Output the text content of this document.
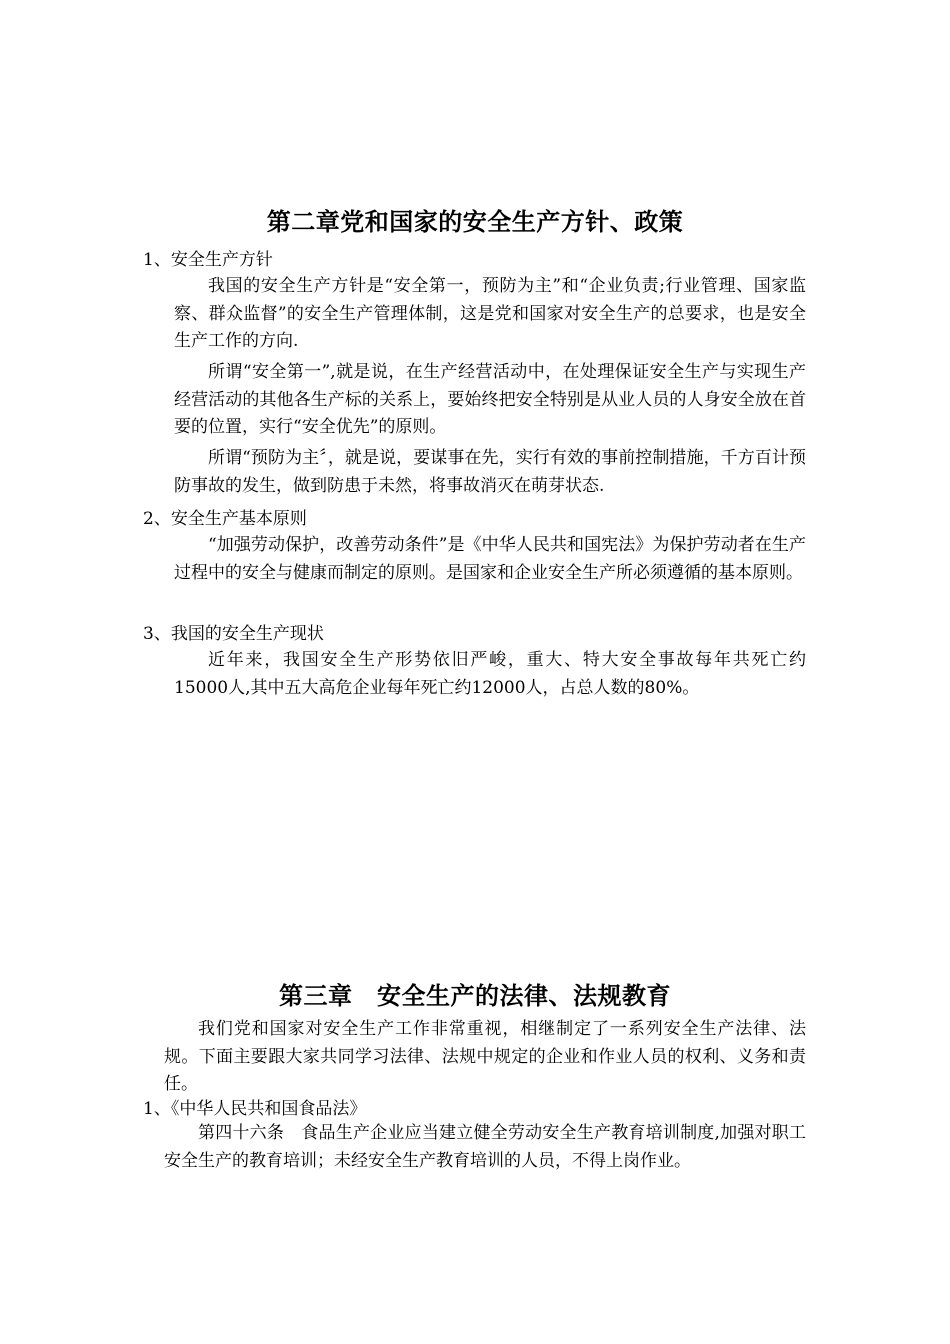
第二章党和国家的安全生产方针、政策
1、安全生产方针
我国的安全生产方针是“安全第一，预防为主”和“企业负责;行业管理、国家监察、群众监督”的安全生产管理体制，这是党和国家对安全生产的总要求，也是安全生产工作的方向.
所谓“安全第一”,就是说，在生产经营活动中，在处理保证安全生产与实现生产经营活动的其他各生产标的关系上，要始终把安全特别是从业人员的人身安全放在首要的位置，实行“安全优先”的原则。
所谓“预防为主〞，就是说，要谋事在先，实行有效的事前控制措施，千方百计预防事故的发生，做到防患于未然，将事故消灭在萌芽状态.
2、安全生产基本原则
“加强劳动保护，改善劳动条件”是《中华人民共和国宪法》为保护劳动者在生产过程中的安全与健康而制定的原则。是国家和企业安全生产所必须遵循的基本原则。
3、我国的安全生产现状
近年来，我国安全生产形势依旧严峻，重大、特大安全事故每年共死亡约15000人,其中五大高危企业每年死亡约12000人，占总人数的80%。
第三章　安全生产的法律、法规教育
我们党和国家对安全生产工作非常重视，相继制定了一系列安全生产法律、法规。下面主要跟大家共同学习法律、法规中规定的企业和作业人员的权利、义务和责任。
1、《中华人民共和国食品法》
第四十六条　食品生产企业应当建立健全劳动安全生产教育培训制度,加强对职工安全生产的教育培训；未经安全生产教育培训的人员，不得上岗作业。
